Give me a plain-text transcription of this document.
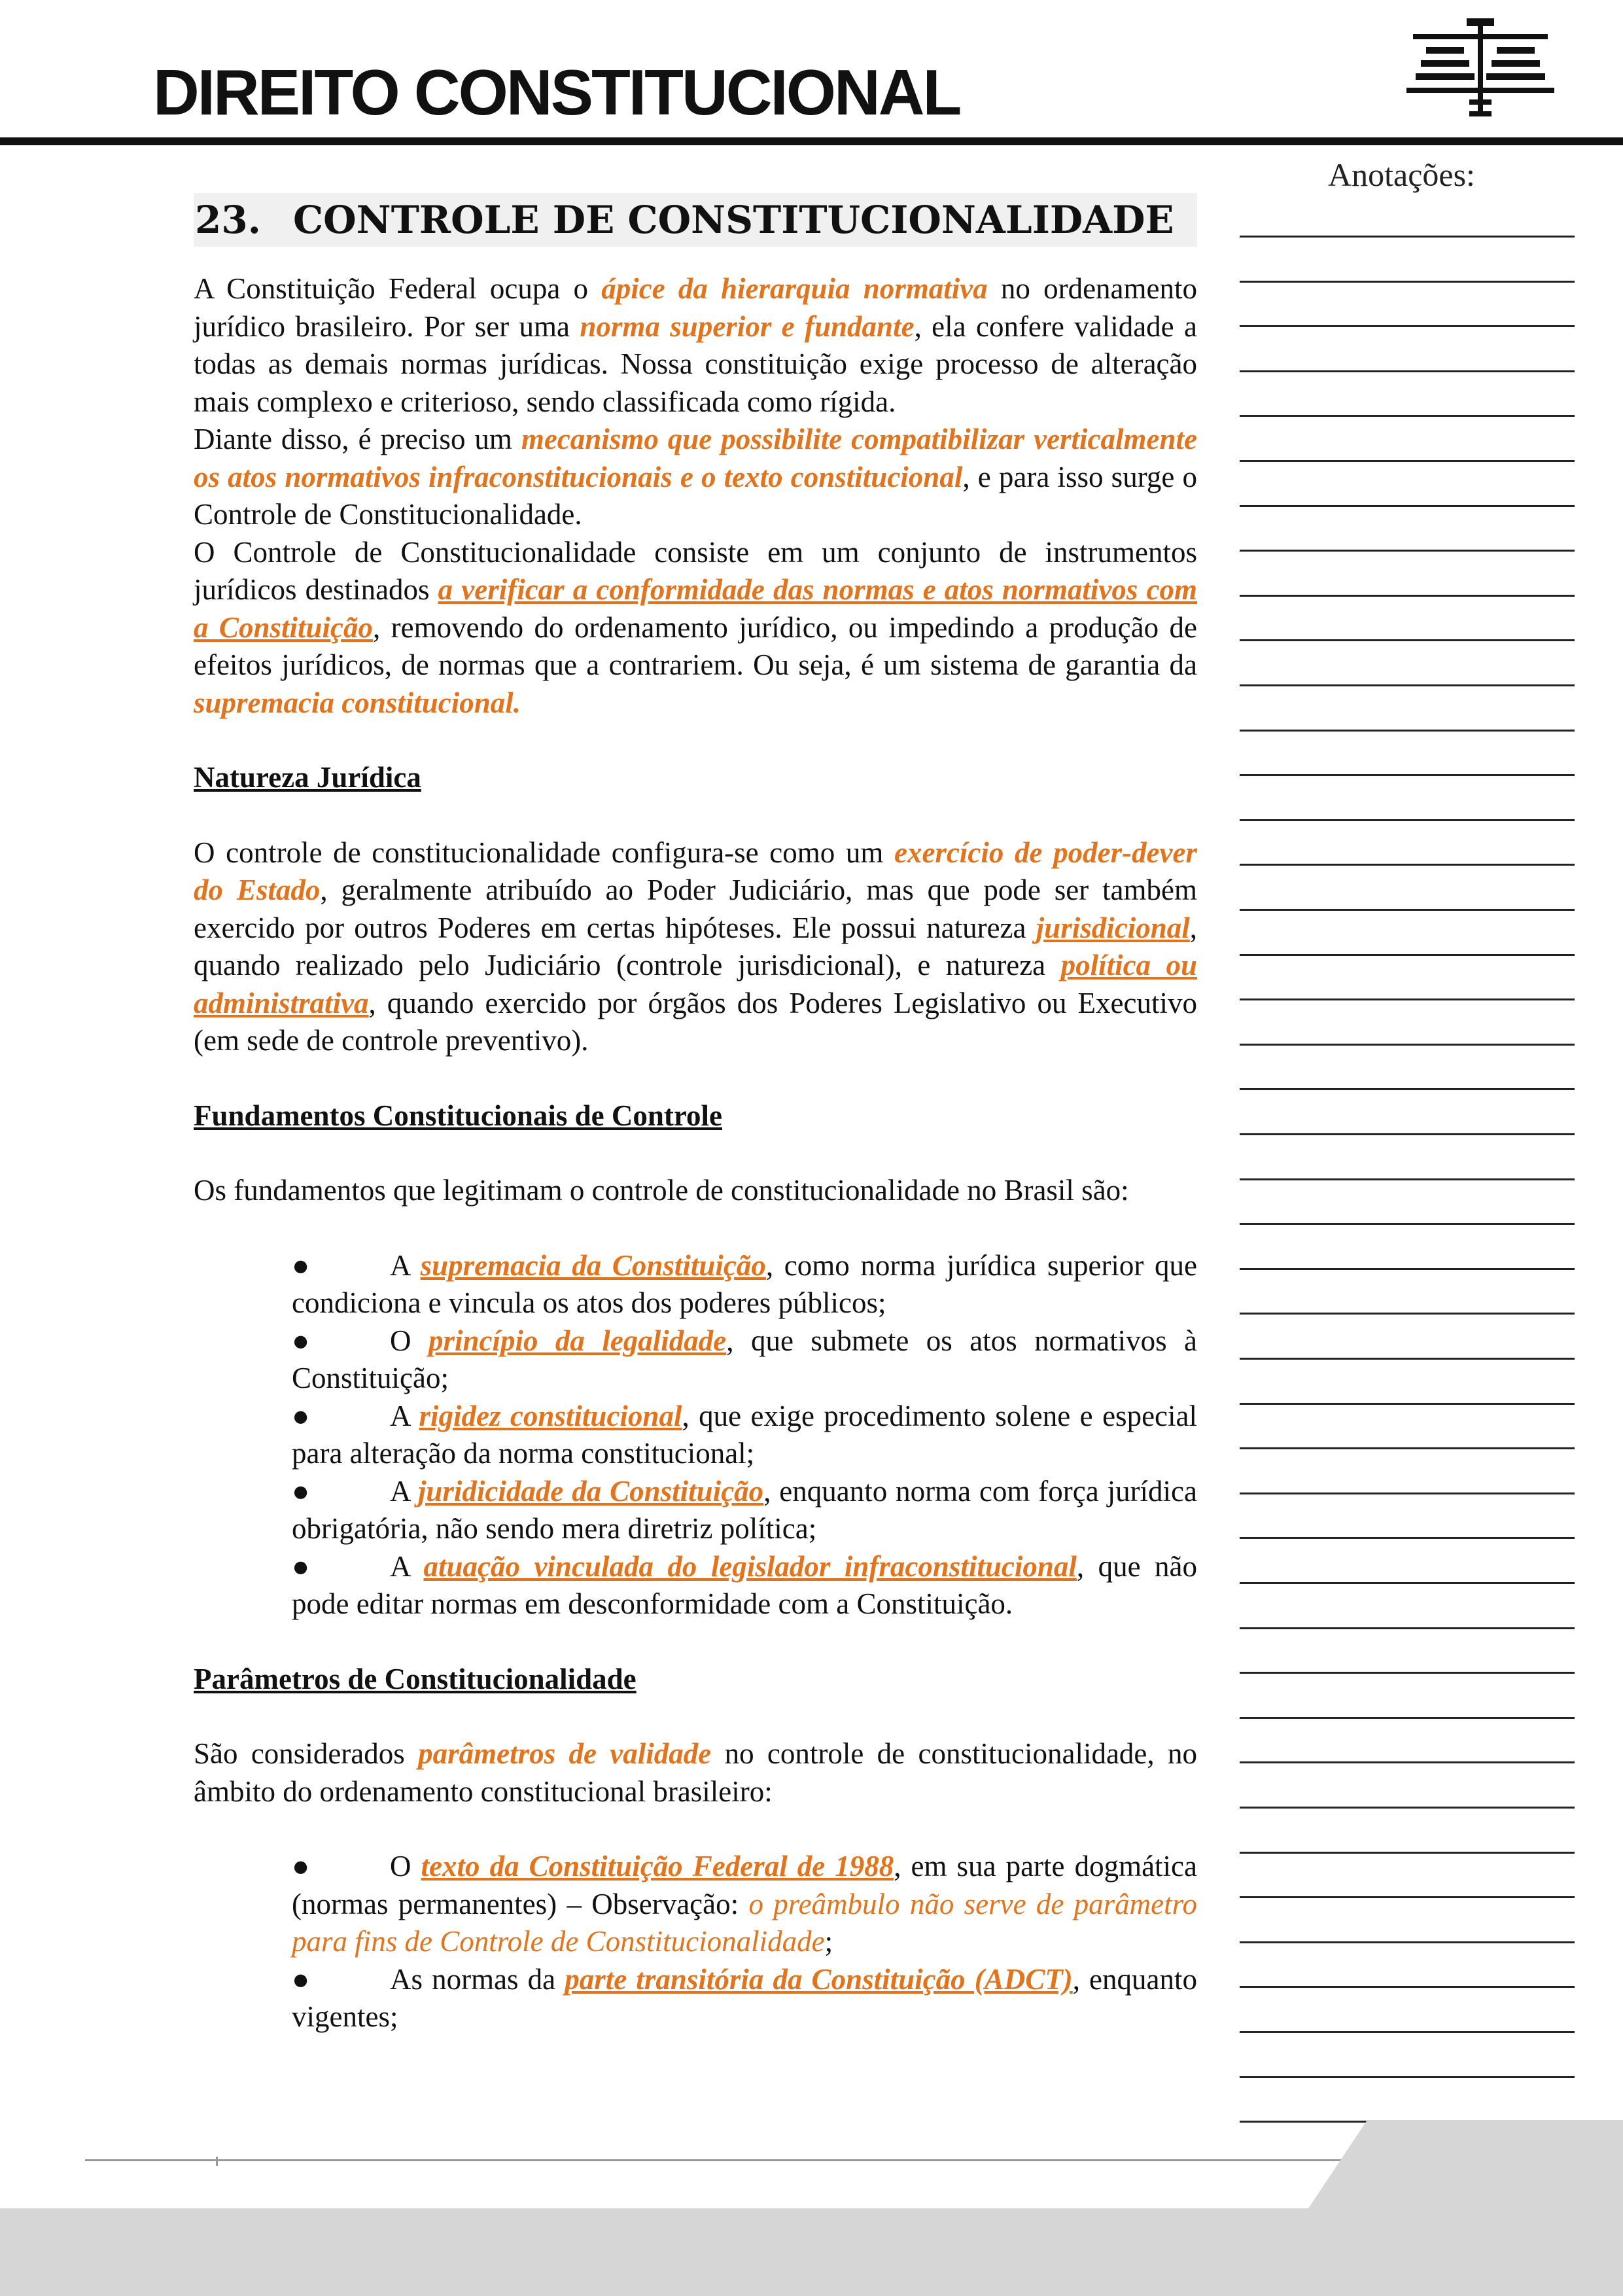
DIREITO CONSTITUCIONAL
Anotações:
23. CONTROLE DE CONSTITUCIONALIDADE

A Constituição Federal ocupa o ápice da hierarquia normativa no ordenamento jurídico brasileiro. Por ser uma norma superior e fundante, ela confere validade a todas as demais normas jurídicas. Nossa constituição exige processo de alteração mais complexo e criterioso, sendo classificada como rígida.

Diante disso, é preciso um mecanismo que possibilite compatibilizar verticalmente os atos normativos infraconstitucionais e o texto constitucional, e para isso surge o Controle de Constitucionalidade.

O Controle de Constitucionalidade consiste em um conjunto de instrumentos jurídicos destinados a verificar a conformidade das normas e atos normativos com a Constituição, removendo do ordenamento jurídico, ou impedindo a produção de efeitos jurídicos, de normas que a contrariem. Ou seja, é um sistema de garantia da supremacia constitucional.

Natureza Jurídica

O controle de constitucionalidade configura-se como um exercício de poder-dever do Estado, geralmente atribuído ao Poder Judiciário, mas que pode ser também exercido por outros Poderes em certas hipóteses. Ele possui natureza jurisdicional, quando realizado pelo Judiciário (controle jurisdicional), e natureza política ou administrativa, quando exercido por órgãos dos Poderes Legislativo ou Executivo (em sede de controle preventivo).

Fundamentos Constitucionais de Controle

Os fundamentos que legitimam o controle de constitucionalidade no Brasil são:

●	A supremacia da Constituição, como norma jurídica superior que condiciona e vincula os atos dos poderes públicos;
●	O princípio da legalidade, que submete os atos normativos à Constituição;
●	A rigidez constitucional, que exige procedimento solene e especial para alteração da norma constitucional;
●	A juridicidade da Constituição, enquanto norma com força jurídica obrigatória, não sendo mera diretriz política;
●	A atuação vinculada do legislador infraconstitucional, que não pode editar normas em desconformidade com a Constituição.

Parâmetros de Constitucionalidade

São considerados parâmetros de validade no controle de constitucionalidade, no âmbito do ordenamento constitucional brasileiro:

●	O texto da Constituição Federal de 1988, em sua parte dogmática (normas permanentes) – Observação: o preâmbulo não serve de parâmetro para fins de Controle de Constitucionalidade;
●	As normas da parte transitória da Constituição (ADCT), enquanto vigentes;
